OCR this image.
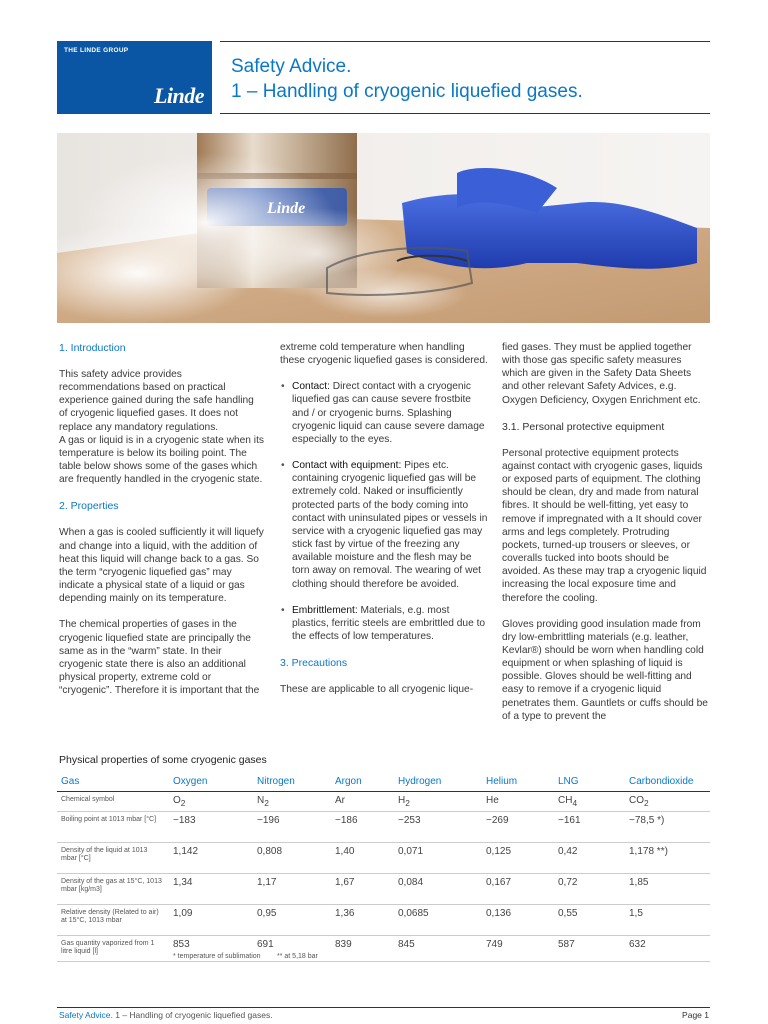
THE LINDE GROUP
Linde
Safety Advice.
1 – Handling of cryogenic liquefied gases.
1. Introduction

This safety advice provides recommendations based on practical experience gained during the safe handling of cryogenic liquefied gases. It does not replace any mandatory regulations.

A gas or liquid is in a cryogenic state when its temperature is below its boiling point. The table below shows some of the gases which are frequently handled in the cryogenic state.

2. Properties

When a gas is cooled sufficiently it will liquefy and change into a liquid, with the addition of heat this liquid will change back to a gas. So the term “cryogenic liquefied gas” may indicate a physical state of a liquid or gas depending mainly on its temperature.

The chemical properties of gases in the cryogenic liquefied state are principally the same as in the “warm” state. In their cryogenic state there is also an additional physical property, extreme cold or “cryogenic”. Therefore it is important that the

extreme cold temperature when handling these cryogenic liquefied gases is considered.

• Contact: Direct contact with a cryogenic liquefied gas can cause severe frostbite and / or cryogenic burns. Splashing cryogenic liquid can cause severe damage especially to the eyes.
• Contact with equipment: Pipes etc. containing cryogenic liquefied gas will be extremely cold. Naked or insufficiently protected parts of the body coming into contact with uninsulated pipes or vessels in service with a cryogenic liquefied gas may stick fast by virtue of the freezing any available moisture and the flesh may be torn away on removal. The wearing of wet clothing should therefore be avoided.
• Embrittlement: Materials, e.g. most plastics, ferritic steels are embrittled due to the effects of low temperatures.
3. Precautions

These are applicable to all cryogenic lique-

fied gases. They must be applied together with those gas specific safety measures which are given in the Safety Data Sheets and other relevant Safety Advices, e.g. Oxygen Deficiency, Oxygen Enrichment etc.

3.1. Personal protective equipment

Personal protective equipment protects against contact with cryogenic gases, liquids or exposed parts of equipment. The clothing should be clean, dry and made from natural fibres. It should be well-fitting, yet easy to remove if impregnated with a It should cover arms and legs completely. Protruding pockets, turned-up trousers or sleeves, or coveralls tucked into boots should be avoided. As these may trap a cryogenic liquid increasing the local exposure time and therefore the cooling.

Gloves providing good insulation made from dry low-embrittling materials (e.g. leather, Kevlar®) should be worn when handling cold equipment or when splashing of liquid is possible. Gloves should be well-fitting and easy to remove if a cryogenic liquid penetrates them. Gauntlets or cuffs should be of a type to prevent the

Physical properties of some cryogenic gases
Gas	Oxygen	Nitrogen	Argon	Hydrogen	Helium	LNG	Carbondioxide
Chemical symbol	$O_2$	$N_2$	Ar	$H_2$	He	$CH_4$	$CO_2$
Boiling point at 1013 mbar [°C]	−183	−196	−186	−253	−269	−161	−78,5 *)
Density of the liquid at 1013 mbar [°C]	1,142	0,808	1,40	0,071	0,125	0,42	1,178 **)
Density of the gas at 15°C, 1013 mbar [kg/m3]	1,34	1,17	1,67	0,084	0,167	0,72	1,85
Relative density (Related to air) at 15°C, 1013 mbar	1,09	0,95	1,36	0,0685	0,136	0,55	1,5
Gas quantity vaporized from 1 litre liquid [l]	853	691	839	845	749	587	632
* temperature of sublimation ** at 5,18 bar
Safety Advice. 1 – Handling of cryogenic liquefied gases.	Page 1
